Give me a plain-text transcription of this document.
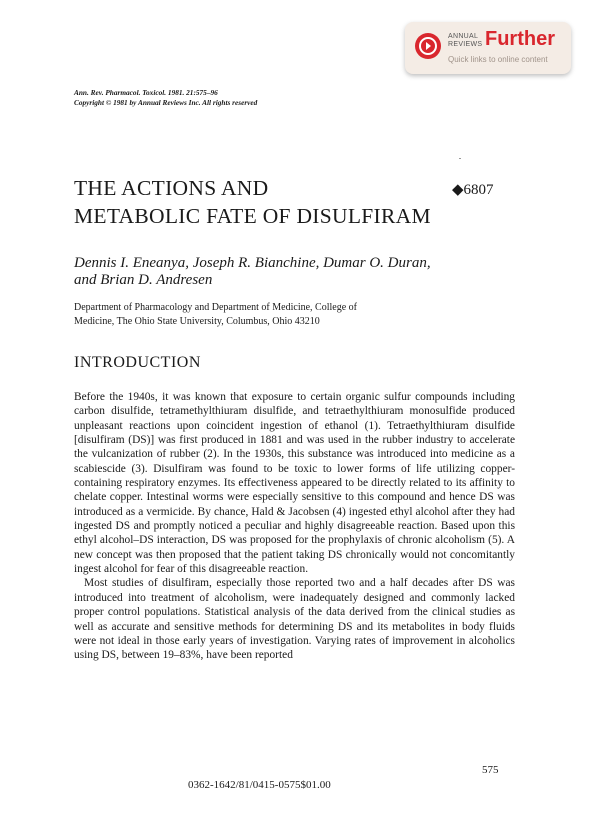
ANNUAL
REVIEWS Further
Quick links to online content
Ann. Rev. Pharmacol. Toxicol. 1981. 21:575–96
Copyright © 1981 by Annual Reviews Inc. All rights reserved
THE ACTIONS AND
METABOLIC FATE OF DISULFIRAM
◆6807
Dennis I. Eneanya, Joseph R. Bianchine, Dumar O. Duran,
and Brian D. Andresen
Department of Pharmacology and Department of Medicine, College of
Medicine, The Ohio State University, Columbus, Ohio 43210
INTRODUCTION

Before the 1940s, it was known that exposure to certain organic sulfur compounds including carbon disulfide, tetramethylthiuram disulfide, and tetraethylthiuram monosulfide produced unpleasant reactions upon coincident ingestion of ethanol (1). Tetraethylthiuram disulfide [disulfiram (DS)] was first produced in 1881 and was used in the rubber industry to accelerate the vulcanization of rubber (2). In the 1930s, this substance was introduced into medicine as a scabiescide (3). Disulfiram was found to be toxic to lower forms of life utilizing copper-containing respiratory enzymes. Its effectiveness appeared to be directly related to its affinity to chelate copper. Intestinal worms were especially sensitive to this compound and hence DS was introduced as a vermicide. By chance, Hald & Jacobsen (4) ingested ethyl alcohol after they had ingested DS and promptly noticed a peculiar and highly disagreeable reaction. Based upon this ethyl alcohol–DS interaction, DS was proposed for the prophylaxis of chronic alcoholism (5). A new concept was then proposed that the patient taking DS chronically would not concomitantly ingest alcohol for fear of this disagreeable reaction.

Most studies of disulfiram, especially those reported two and a half decades after DS was introduced into treatment of alcoholism, were inadequately designed and commonly lacked proper control populations. Statistical analysis of the data derived from the clinical studies as well as accurate and sensitive methods for determining DS and its metabolites in body fluids were not ideal in those early years of investigation. Varying rates of improvement in alcoholics using DS, between 19–83%, have been reported

575
0362-1642/81/0415-0575$01.00
